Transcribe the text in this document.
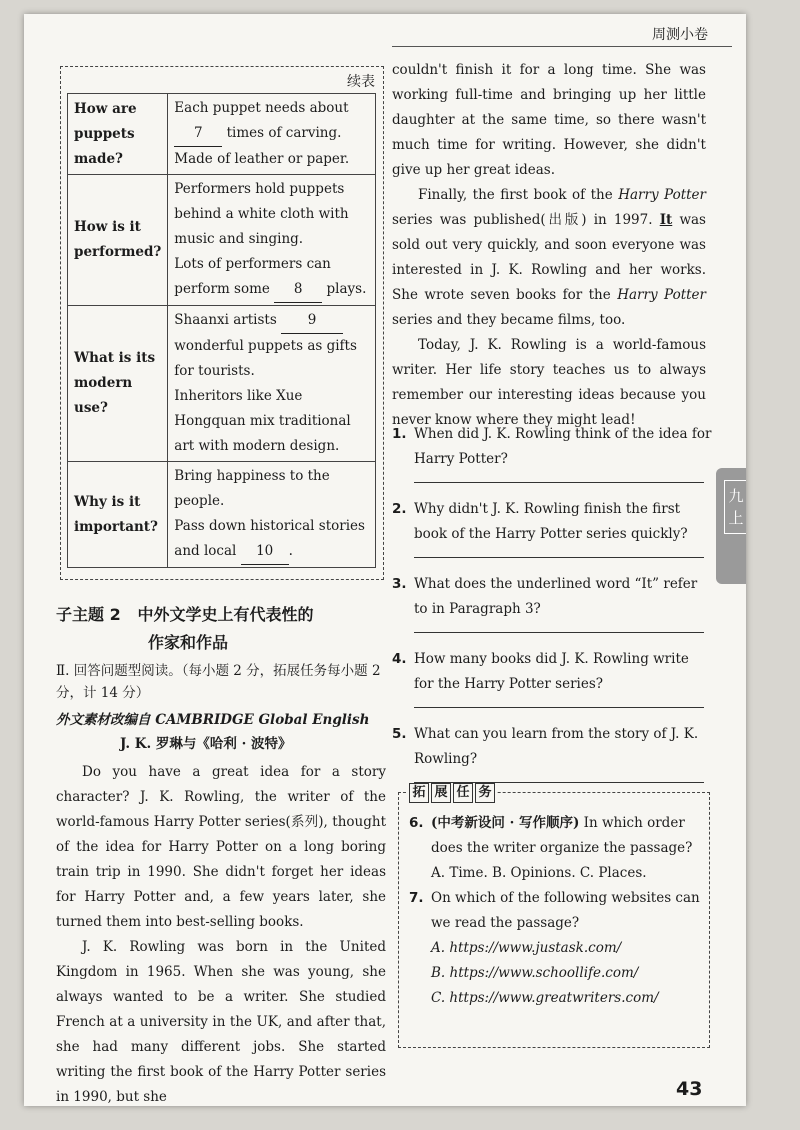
周测小卷
九
上
续表
How are puppets made?	Each puppet needs about
7 times of carving.
Made of leather or paper.
How is it performed?	Performers hold puppets behind a white cloth with music and singing.
Lots of performers can perform some 8 plays.
What is its modern use?	Shaanxi artists 9 wonderful puppets as gifts for tourists.
Inheritors like Xue Hongquan mix traditional art with modern design.
Why is it important?	Bring happiness to the people.
Pass down historical stories and local 10 .
子主题 2 中外文学史上有代表性的
作家和作品
Ⅱ. 回答问题型阅读。（每小题 2 分，拓展任务每小题 2 分，计 14 分）
外文素材改编自 CAMBRIDGE Global English
J. K. 罗琳与《哈利 · 波特》

Do you have a great idea for a story character? J. K. Rowling, the writer of the world-famous Harry Potter series(系列), thought of the idea for Harry Potter on a long boring train trip in 1990. She didn't forget her ideas for Harry Potter and, a few years later, she turned them into best-selling books.

J. K. Rowling was born in the United Kingdom in 1965. When she was young, she always wanted to be a writer. She studied French at a university in the UK, and after that, she had many different jobs. She started writing the first book of the Harry Potter series in 1990, but she

couldn't finish it for a long time. She was working full-time and bringing up her little daughter at the same time, so there wasn't much time for writing. However, she didn't give up her great ideas.

Finally, the first book of the Harry Potter series was published(出版) in 1997. It was sold out very quickly, and soon everyone was interested in J. K. Rowling and her works. She wrote seven books for the Harry Potter series and they became films, too.

Today, J. K. Rowling is a world-famous writer. Her life story teaches us to always remember our interesting ideas because you never know where they might lead!

1. When did J. K. Rowling think of the idea for Harry Potter?
2. Why didn't J. K. Rowling finish the first book of the Harry Potter series quickly?
3. What does the underlined word “It” refer to in Paragraph 3?
4. How many books did J. K. Rowling write for the Harry Potter series?
5. What can you learn from the story of J. K. Rowling?
拓 展 任 务
6. (中考新设问 · 写作顺序) In which order does the writer organize the passage?
A. Time. B. Opinions. C. Places.
7. On which of the following websites can we read the passage?
A. https://www.justask.com/
B. https://www.schoollife.com/
C. https://www.greatwriters.com/
43
